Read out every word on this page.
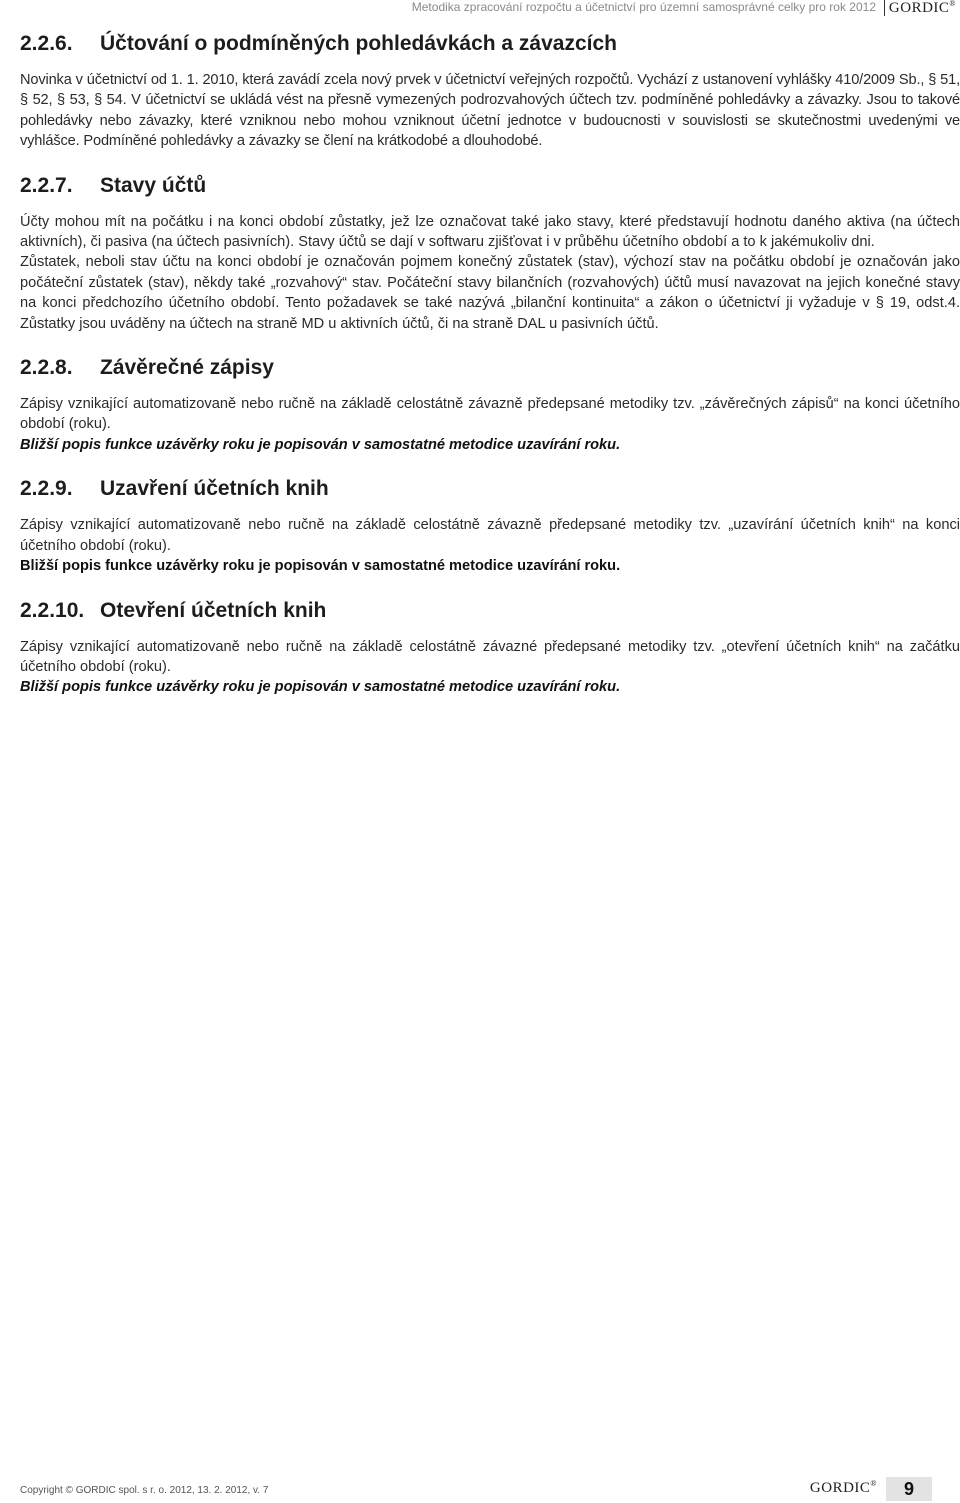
Metodika zpracování rozpočtu a účetnictví pro územní samosprávné celky pro rok 2012 GORDIC®
2.2.6.	Účtování o podmíněných pohledávkách a závazcích

Novinka v účetnictví od 1. 1. 2010, která zavádí zcela nový prvek v účetnictví veřejných rozpočtů. Vychází z ustanovení vyhlášky 410/2009 Sb., § 51, § 52, § 53, § 54. V účetnictví se ukládá vést na přesně vymezených podrozvahových účtech tzv. podmíněné pohledávky a závazky. Jsou to takové pohledávky nebo závazky, které vzniknou nebo mohou vzniknout účetní jednotce v budoucnosti v souvislosti se skutečnostmi uvedenými ve vyhlášce. Podmíněné pohledávky a závazky se člení na krátkodobé a dlouhodobé.

2.2.7.	Stavy účtů

Účty mohou mít na počátku i na konci období zůstatky, jež lze označovat také jako stavy, které představují hodnotu daného aktiva (na účtech aktivních), či pasiva (na účtech pasivních). Stavy účtů se dají v softwaru zjišťovat i v průběhu účetního období a to k jakémukoliv dni.

Zůstatek, neboli stav účtu na konci období je označován pojmem konečný zůstatek (stav), výchozí stav na počátku období je označován jako počáteční zůstatek (stav), někdy také „rozvahový“ stav. Počáteční stavy bilančních (rozvahových) účtů musí navazovat na jejich konečné stavy na konci předchozího účetního období. Tento požadavek se také nazývá „bilanční kontinuita“ a zákon o účetnictví ji vyžaduje v § 19, odst.4. Zůstatky jsou uváděny na účtech na straně MD u aktivních účtů, či na straně DAL u pasivních účtů.

2.2.8.	Závěrečné zápisy

Zápisy vznikající automatizovaně nebo ručně na základě celostátně závazně předepsané metodiky tzv. „závěrečných zápisů“ na konci účetního období (roku).

Bližší popis funkce uzávěrky roku je popisován v samostatné metodice uzavírání roku.

2.2.9.	Uzavření účetních knih

Zápisy vznikající automatizovaně nebo ručně na základě celostátně závazně předepsané metodiky tzv. „uzavírání účetních knih“ na konci účetního období (roku).

Bližší popis funkce uzávěrky roku je popisován v samostatné metodice uzavírání roku.

2.2.10. Otevření účetních knih

Zápisy vznikající automatizovaně nebo ručně na základě celostátně závazné předepsané metodiky tzv. „otevření účetních knih“ na začátku účetního období (roku).

Bližší popis funkce uzávěrky roku je popisován v samostatné metodice uzavírání roku.

Copyright © GORDIC spol. s r. o. 2012, 13. 2. 2012, v. 7	GORDIC®	9
